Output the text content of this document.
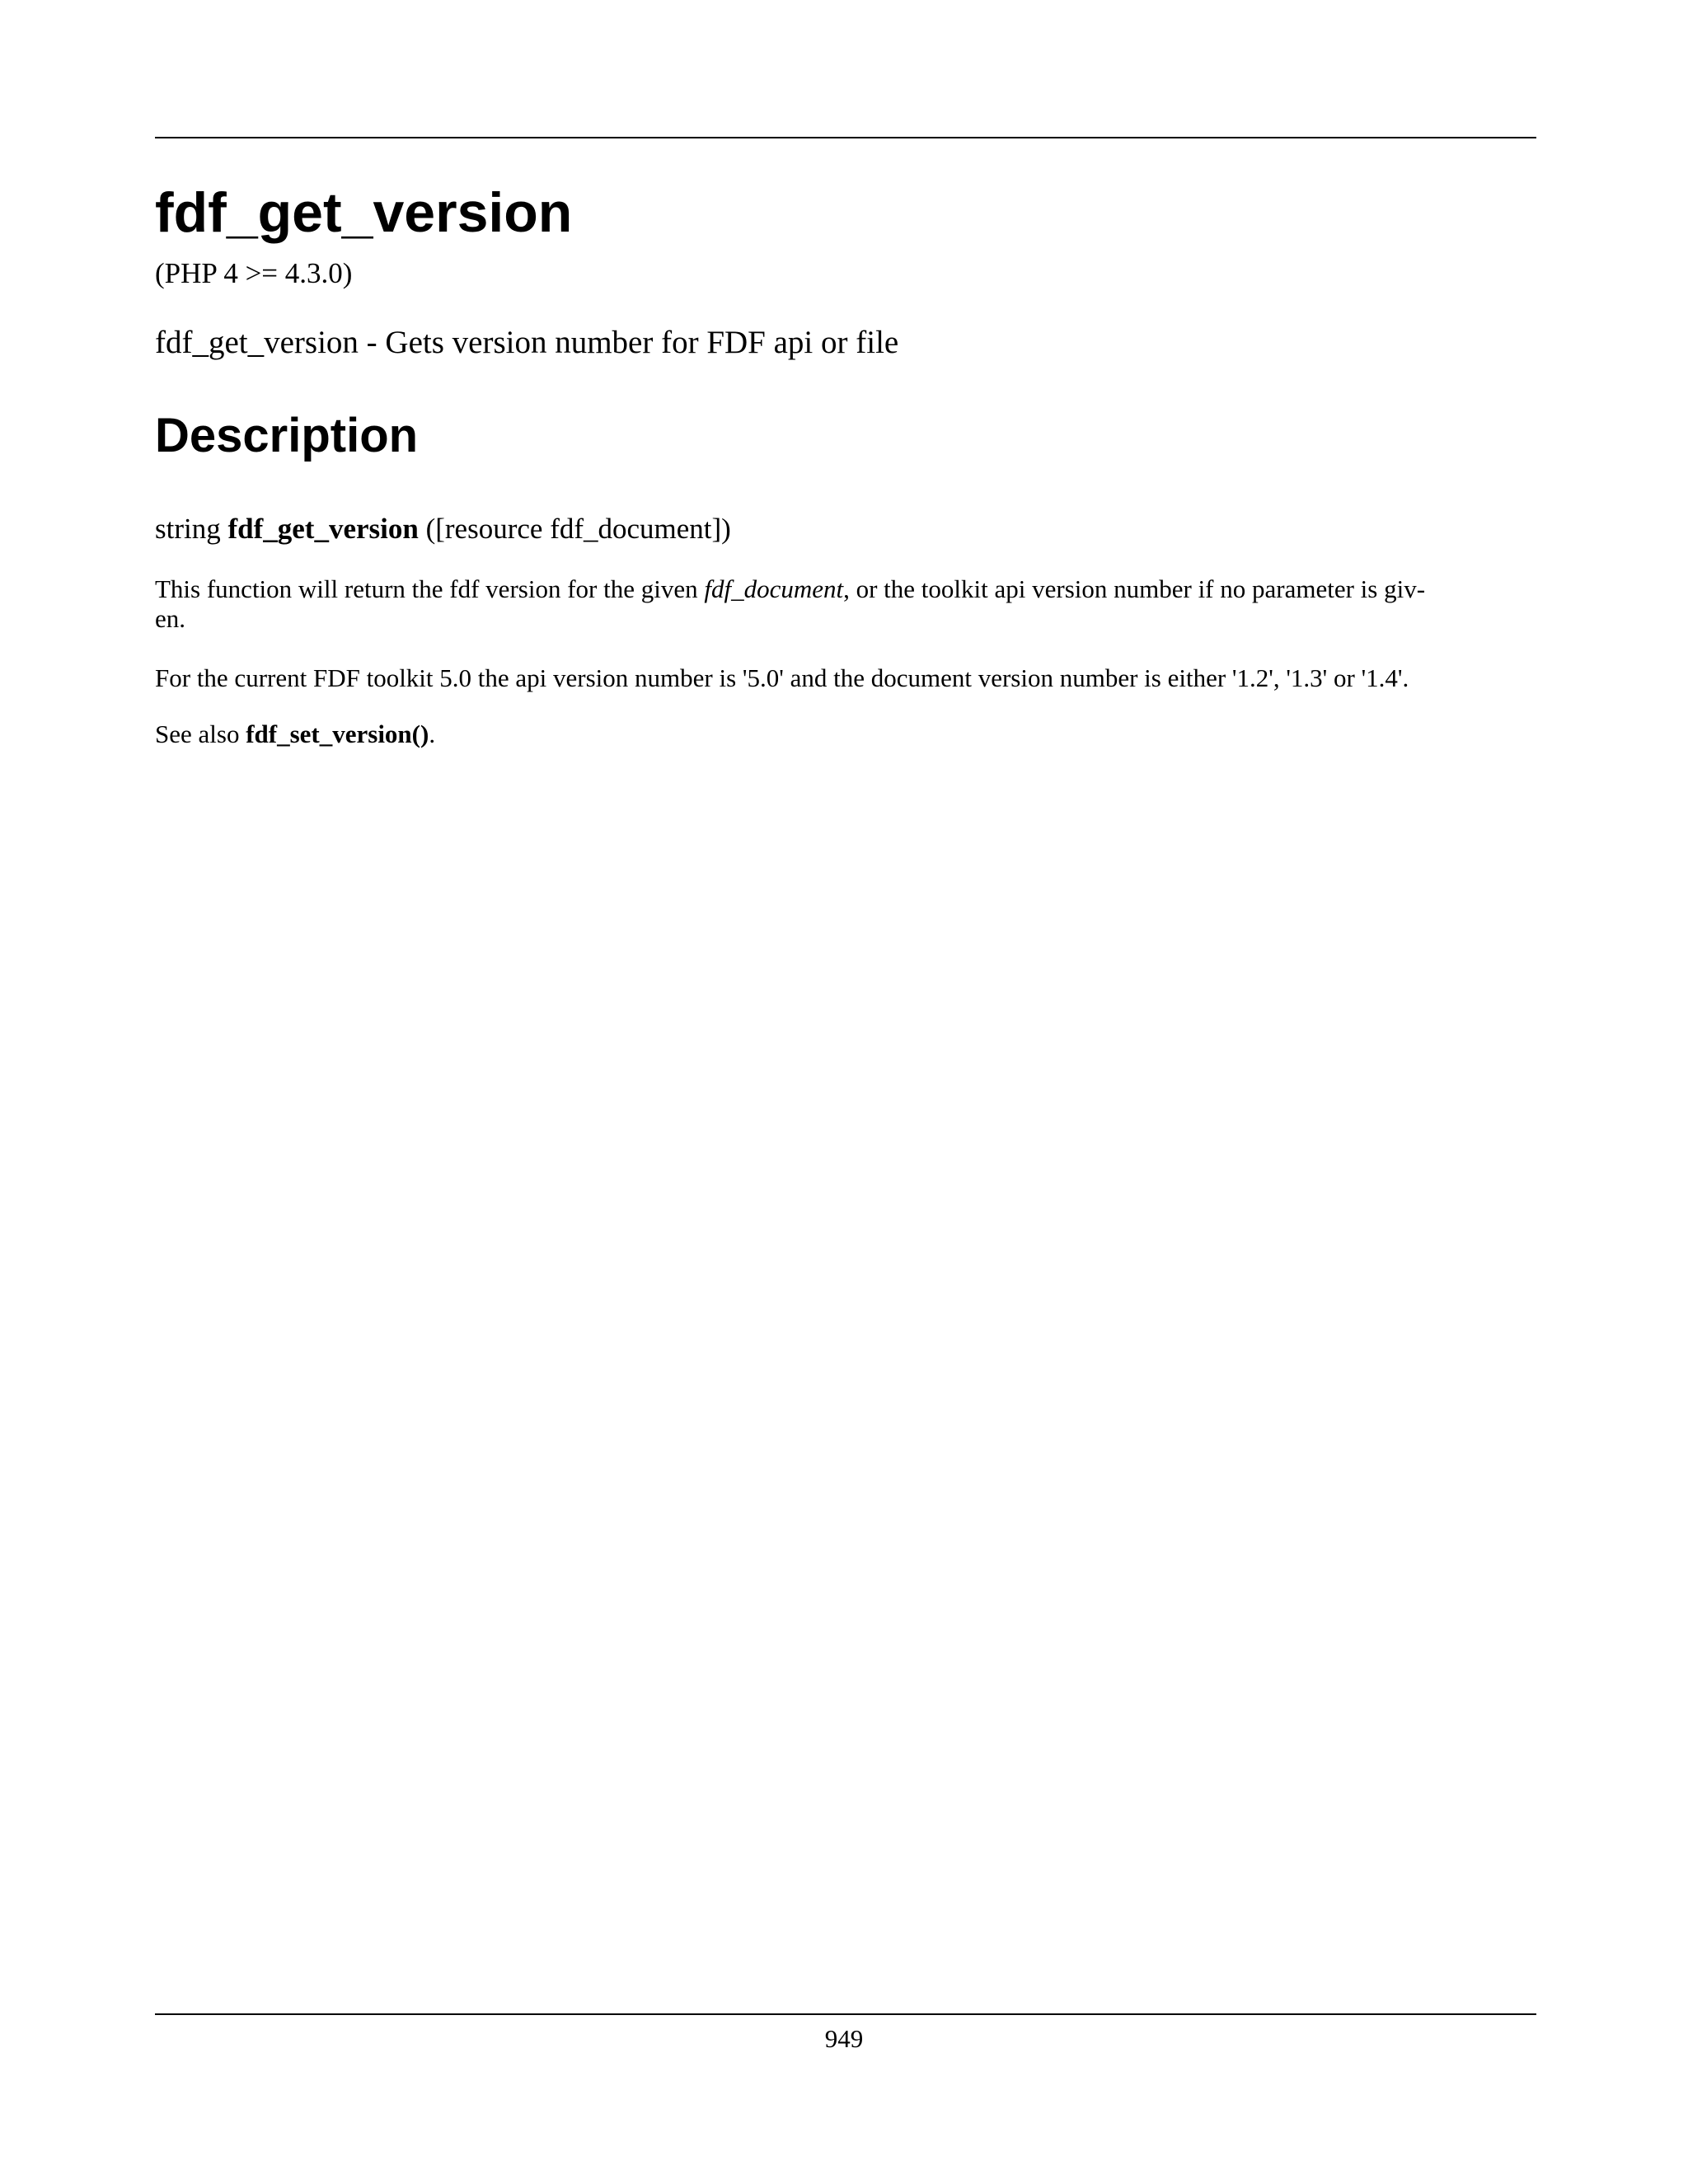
fdf_get_version
(PHP 4 >= 4.3.0)
fdf_get_version - Gets version number for FDF api or file
Description
string fdf_get_version ([resource fdf_document])

This function will return the fdf version for the given fdf_document, or the toolkit api version number if no parameter is giv-
en.

For the current FDF toolkit 5.0 the api version number is '5.0' and the document version number is either '1.2', '1.3' or '1.4'.

See also fdf_set_version().

949
